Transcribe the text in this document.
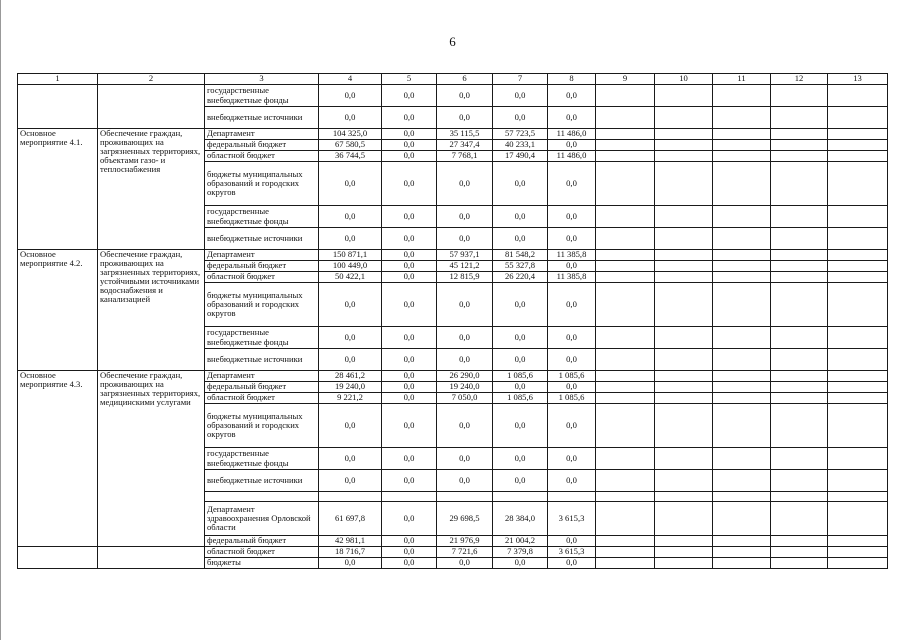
6
1	2	3	4	5	6	7	8	9	10	11	12	13
		государственные внебюджетные фонды	0,0	0,0	0,0	0,0	0,0					
		внебюджетные источники	0,0	0,0	0,0	0,0	0,0					
Основное мероприятие 4.1.	Обеспечение граждан, проживающих на загрязненных территориях, объектами газо- и теплоснабжения	Департамент	104 325,0	0,0	35 115,5	57 723,5	11 486,0					
		федеральный бюджет	67 580,5	0,0	27 347,4	40 233,1	0,0					
		областной бюджет	36 744,5	0,0	7 768,1	17 490,4	11 486,0					
		бюджеты муниципальных образований и городских округов	0,0	0,0	0,0	0,0	0,0					
		государственные внебюджетные фонды	0,0	0,0	0,0	0,0	0,0					
		внебюджетные источники	0,0	0,0	0,0	0,0	0,0					
Основное мероприятие 4.2.	Обеспечение граждан, проживающих на загрязненных территориях, устойчивыми источниками водоснабжения и канализацией	Департамент	150 871,1	0,0	57 937,1	81 548,2	11 385,8					
		федеральный бюджет	100 449,0	0,0	45 121,2	55 327,8	0,0					
		областной бюджет	50 422,1	0,0	12 815,9	26 220,4	11 385,8					
		бюджеты муниципальных образований и городских округов	0,0	0,0	0,0	0,0	0,0					
		государственные внебюджетные фонды	0,0	0,0	0,0	0,0	0,0					
		внебюджетные источники	0,0	0,0	0,0	0,0	0,0					
Основное мероприятие 4.3.	Обеспечение граждан, проживающих на загрязненных территориях, медицинскими услугами	Департамент	28 461,2	0,0	26 290,0	1 085,6	1 085,6					
		федеральный бюджет	19 240,0	0,0	19 240,0	0,0	0,0					
		областной бюджет	9 221,2	0,0	7 050,0	1 085,6	1 085,6					
		бюджеты муниципальных образований и городских округов	0,0	0,0	0,0	0,0	0,0					
		государственные внебюджетные фонды	0,0	0,0	0,0	0,0	0,0					
		внебюджетные источники	0,0	0,0	0,0	0,0	0,0					

		Департамент здравоохранения Орловской области	61 697,8	0,0	29 698,5	28 384,0	3 615,3					
		федеральный бюджет	42 981,1	0,0	21 976,9	21 004,2	0,0					
		областной бюджет	18 716,7	0,0	7 721,6	7 379,8	3 615,3					
		бюджеты	0,0	0,0	0,0	0,0	0,0					
